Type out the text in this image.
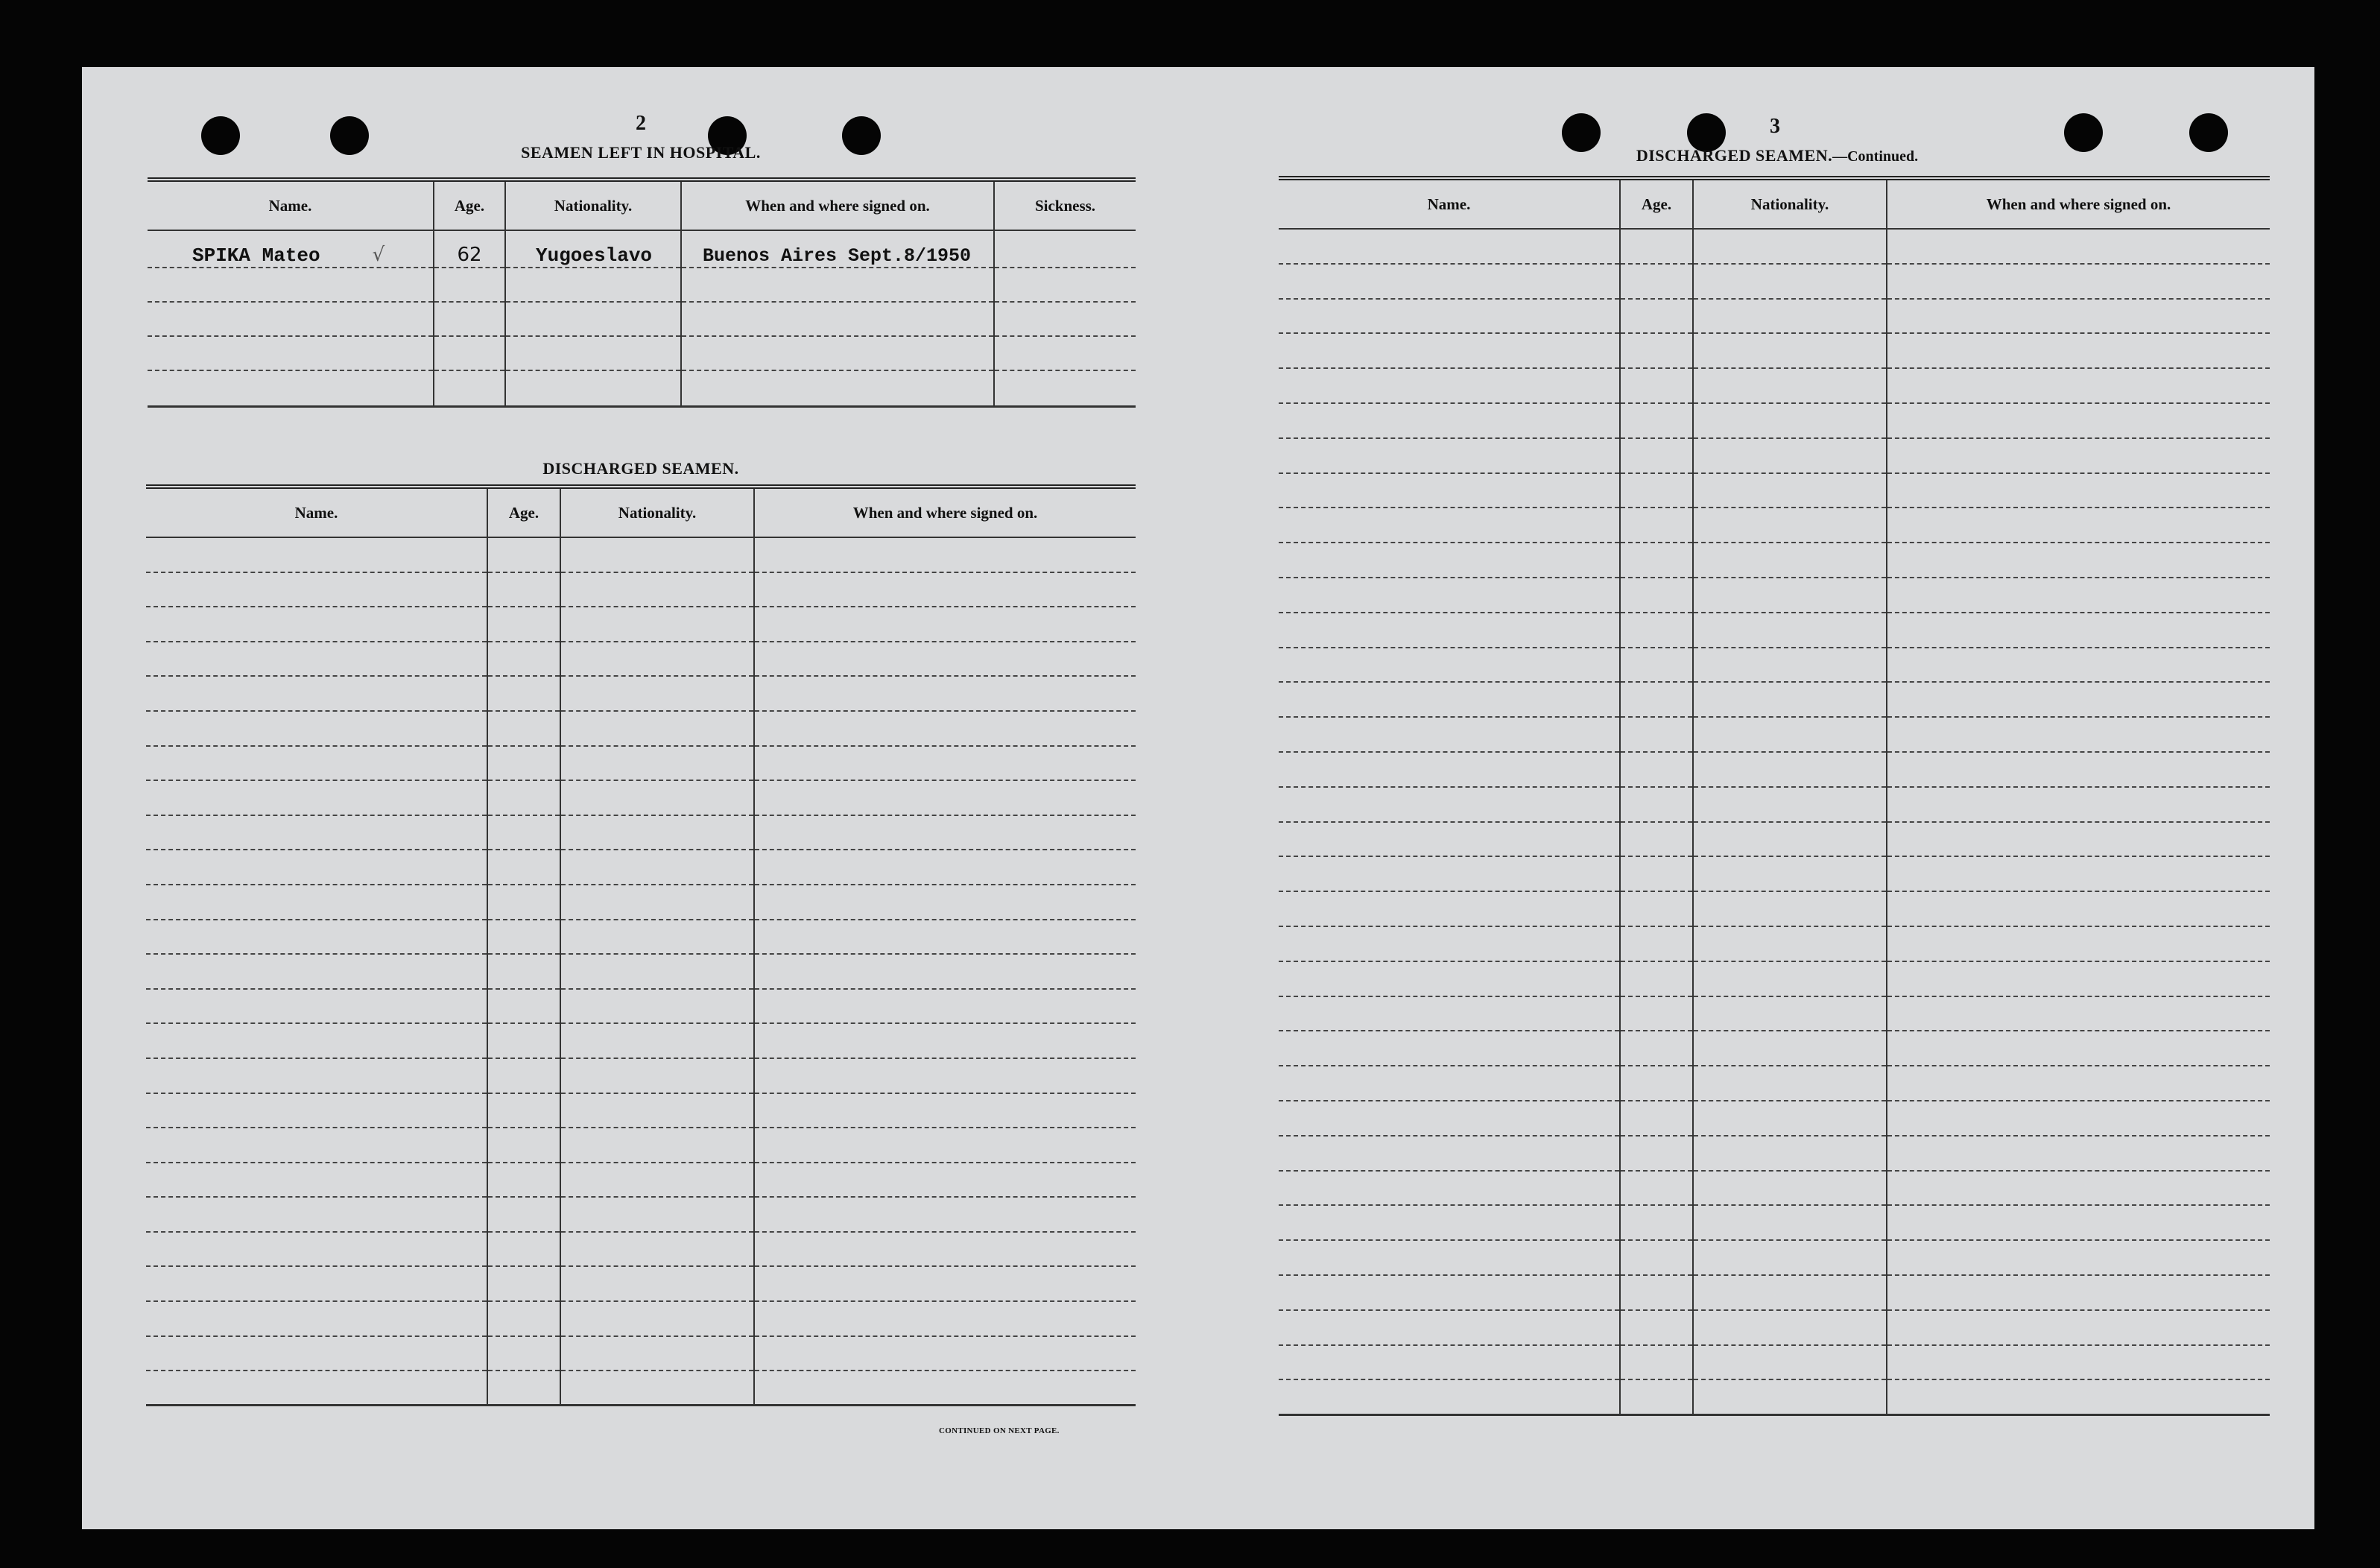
2
SEAMEN LEFT IN HOSPITAL.
Name.	Age.	Nationality.	When and where signed on.	Sickness.
SPIKA Mateo √	62	Yugoeslavo	Buenos Aires Sept.8/1950	

DISCHARGED SEAMEN.
Name.	Age.	Nationality.	When and where signed on.

CONTINUED ON NEXT PAGE.
3
DISCHARGED SEAMEN.—Continued.
Name.	Age.	Nationality.	When and where signed on.
